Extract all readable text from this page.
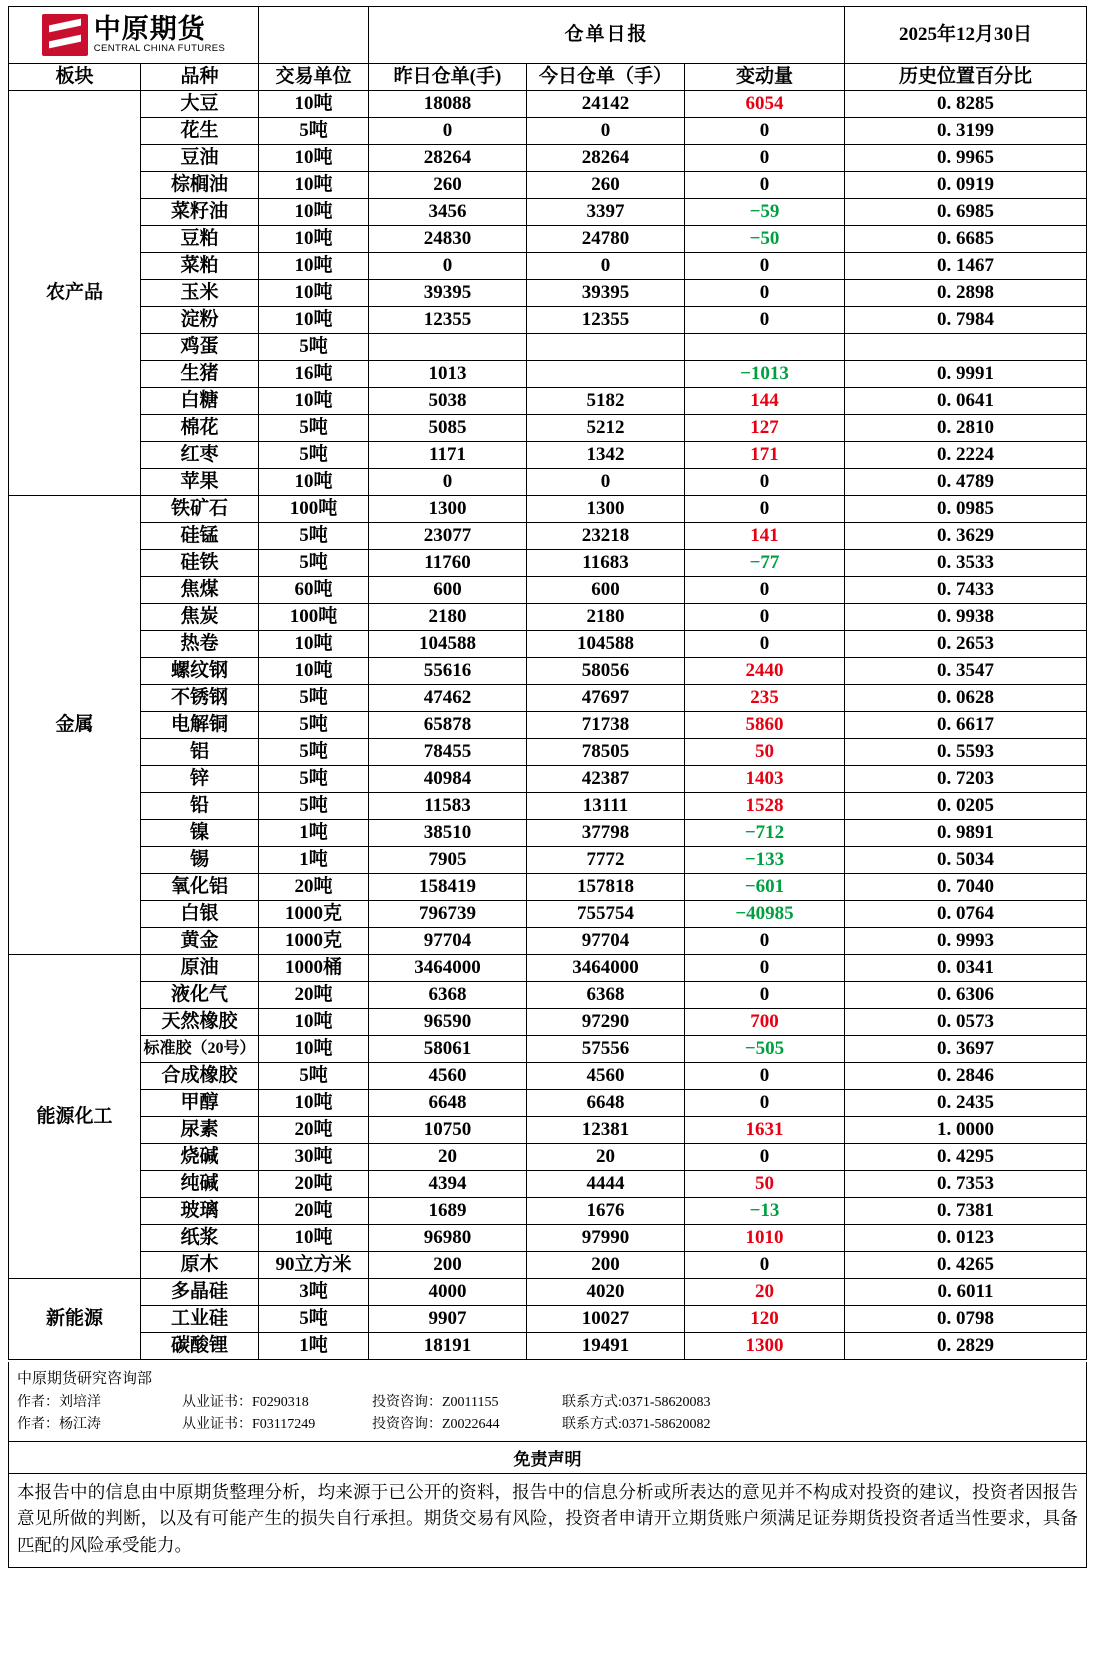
中原期货
CENTRAL CHINA FUTURES			仓单日报			2025年12月30日
板块	品种	交易单位	昨日仓单(手)	今日仓单（手）	变动量	历史位置百分比
农产品	大豆	10吨	18088	24142	6054	0. 8285
	花生	5吨	0	0	0	0. 3199
	豆油	10吨	28264	28264	0	0. 9965
	棕榈油	10吨	260	260	0	0. 0919
	菜籽油	10吨	3456	3397	−59	0. 6985
	豆粕	10吨	24830	24780	−50	0. 6685
	菜粕	10吨	0	0	0	0. 1467
	玉米	10吨	39395	39395	0	0. 2898
	淀粉	10吨	12355	12355	0	0. 7984
	鸡蛋	5吨				
	生猪	16吨	1013		−1013	0. 9991
	白糖	10吨	5038	5182	144	0. 0641
	棉花	5吨	5085	5212	127	0. 2810
	红枣	5吨	1171	1342	171	0. 2224
	苹果	10吨	0	0	0	0. 4789
金属	铁矿石	100吨	1300	1300	0	0. 0985
	硅锰	5吨	23077	23218	141	0. 3629
	硅铁	5吨	11760	11683	−77	0. 3533
	焦煤	60吨	600	600	0	0. 7433
	焦炭	100吨	2180	2180	0	0. 9938
	热卷	10吨	104588	104588	0	0. 2653
	螺纹钢	10吨	55616	58056	2440	0. 3547
	不锈钢	5吨	47462	47697	235	0. 0628
	电解铜	5吨	65878	71738	5860	0. 6617
	铝	5吨	78455	78505	50	0. 5593
	锌	5吨	40984	42387	1403	0. 7203
	铅	5吨	11583	13111	1528	0. 0205
	镍	1吨	38510	37798	−712	0. 9891
	锡	1吨	7905	7772	−133	0. 5034
	氧化铝	20吨	158419	157818	−601	0. 7040
	白银	1000克	796739	755754	−40985	0. 0764
	黄金	1000克	97704	97704	0	0. 9993
能源化工	原油	1000桶	3464000	3464000	0	0. 0341
	液化气	20吨	6368	6368	0	0. 6306
	天然橡胶	10吨	96590	97290	700	0. 0573
	标准胶（20号）	10吨	58061	57556	−505	0. 3697
	合成橡胶	5吨	4560	4560	0	0. 2846
	甲醇	10吨	6648	6648	0	0. 2435
	尿素	20吨	10750	12381	1631	1. 0000
	烧碱	30吨	20	20	0	0. 4295
	纯碱	20吨	4394	4444	50	0. 7353
	玻璃	20吨	1689	1676	−13	0. 7381
	纸浆	10吨	96980	97990	1010	0. 0123
	原木	90立方米	200	200	0	0. 4265
新能源	多晶硅	3吨	4000	4020	20	0. 6011
	工业硅	5吨	9907	10027	120	0. 0798
	碳酸锂	1吨	18191	19491	1300	0. 2829
中原期货研究咨询部
作者：刘培洋	从业证书：F0290318	投资咨询：Z0011155	联系方式:0371-58620083
作者：杨江涛	从业证书：F03117249	投资咨询：Z0022644	联系方式:0371-58620082
免责声明
本报告中的信息由中原期货整理分析，均来源于已公开的资料，报告中的信息分析或所表达的意见并不构成对投资的建议，投资者因报告意见所做的判断，以及有可能产生的损失自行承担。期货交易有风险，投资者申请开立期货账户须满足证券期货投资者适当性要求，具备匹配的风险承受能力。
